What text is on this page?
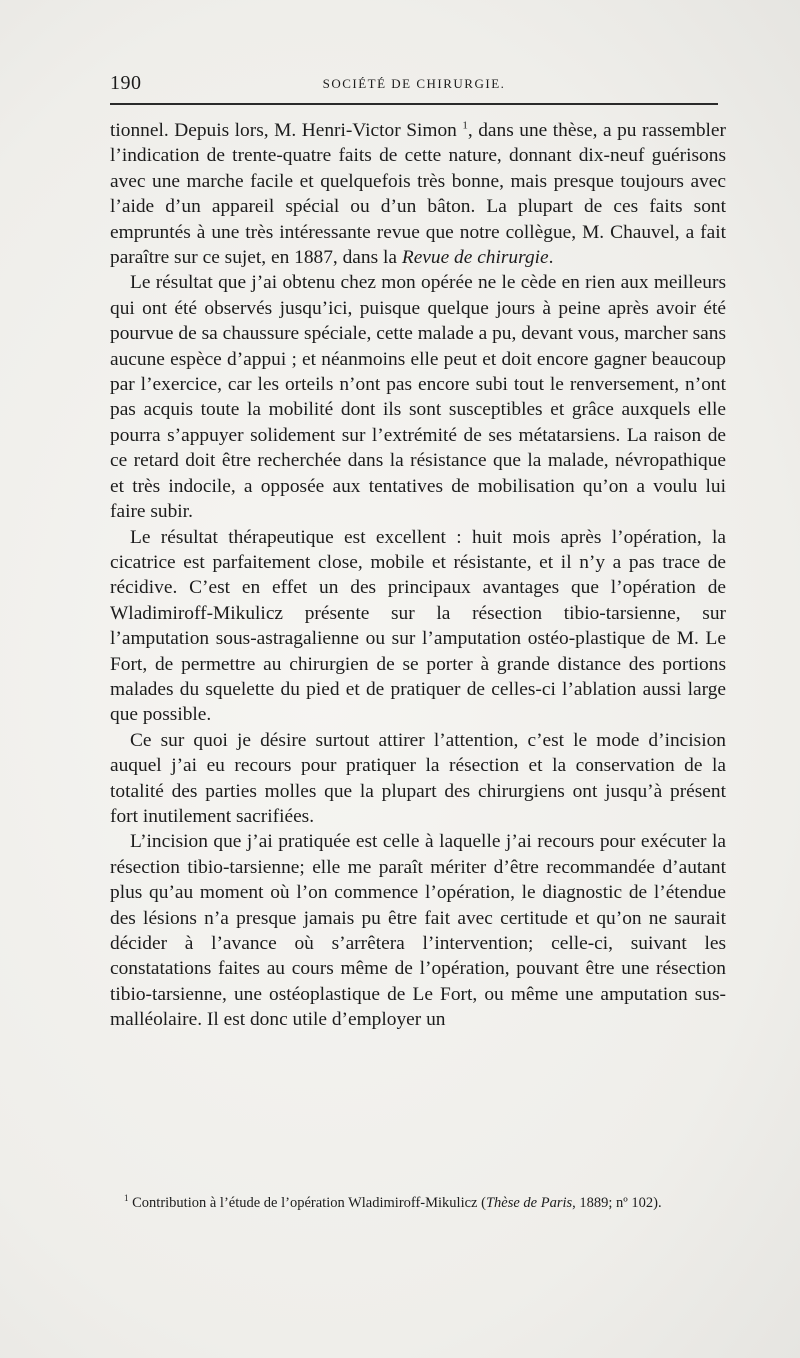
190	SOCIÉTÉ DE CHIRURGIE.

tionnel. Depuis lors, M. Henri-Victor Simon $^1$, dans une thèse, a pu rassembler l’indication de trente-quatre faits de cette nature, donnant dix-neuf guérisons avec une marche facile et quelquefois très bonne, mais presque toujours avec l’aide d’un appareil spécial ou d’un bâton. La plupart de ces faits sont empruntés à une très intéressante revue que notre collègue, M. Chauvel, a fait paraître sur ce sujet, en 1887, dans la Revue de chirurgie.

Le résultat que j’ai obtenu chez mon opérée ne le cède en rien aux meilleurs qui ont été observés jusqu’ici, puisque quelque jours à peine après avoir été pourvue de sa chaussure spéciale, cette malade a pu, devant vous, marcher sans aucune espèce d’appui ; et néanmoins elle peut et doit encore gagner beaucoup par l’exercice, car les orteils n’ont pas encore subi tout le renversement, n’ont pas acquis toute la mobilité dont ils sont susceptibles et grâce auxquels elle pourra s’appuyer solidement sur l’extrémité de ses métatarsiens. La raison de ce retard doit être recherchée dans la résistance que la malade, névropathique et très indocile, a opposée aux tentatives de mobilisation qu’on a voulu lui faire subir.

Le résultat thérapeutique est excellent : huit mois après l’opération, la cicatrice est parfaitement close, mobile et résistante, et il n’y a pas trace de récidive. C’est en effet un des principaux avantages que l’opération de Wladimiroff-Mikulicz présente sur la résection tibio-tarsienne, sur l’amputation sous-astragalienne ou sur l’amputation ostéo-plastique de M. Le Fort, de permettre au chirurgien de se porter à grande distance des portions malades du squelette du pied et de pratiquer de celles-ci l’ablation aussi large que possible.

Ce sur quoi je désire surtout attirer l’attention, c’est le mode d’incision auquel j’ai eu recours pour pratiquer la résection et la conservation de la totalité des parties molles que la plupart des chirurgiens ont jusqu’à présent fort inutilement sacrifiées.

L’incision que j’ai pratiquée est celle à laquelle j’ai recours pour exécuter la résection tibio-tarsienne; elle me paraît mériter d’être recommandée d’autant plus qu’au moment où l’on commence l’opération, le diagnostic de l’étendue des lésions n’a presque jamais pu être fait avec certitude et qu’on ne saurait décider à l’avance où s’arrêtera l’intervention; celle-ci, suivant les constatations faites au cours même de l’opération, pouvant être une résection tibio-tarsienne, une ostéoplastique de Le Fort, ou même une amputation sus-malléolaire. Il est donc utile d’employer un

$^1$ Contribution à l’étude de l’opération Wladimiroff-Mikulicz (Thèse de Paris, 1889; nº 102).
